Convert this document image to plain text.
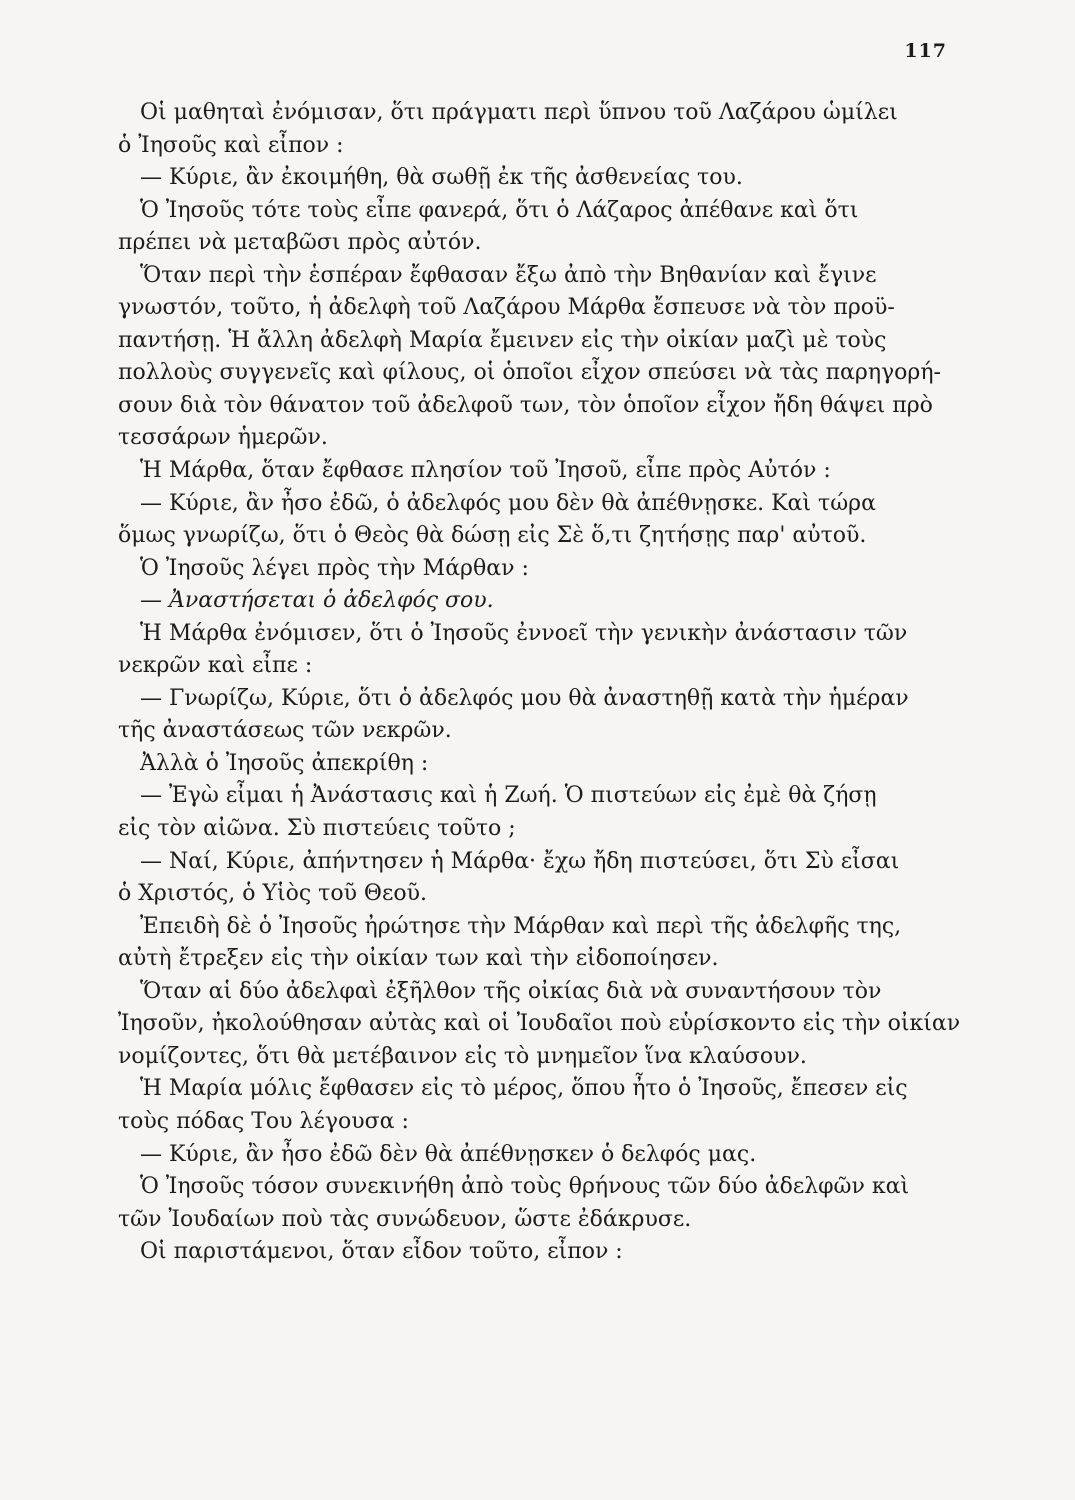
117
Οἱ μαθηταὶ ἐνόμισαν, ὅτι πράγματι περὶ ὕπνου τοῦ Λαζάρου ὡμίλει
ὁ Ἰησοῦς καὶ εἶπον :
— Κύριε, ἂν ἐκοιμήθη, θὰ σωθῇ ἐκ τῆς ἀσθενείας του.
Ὁ Ἰησοῦς τότε τοὺς εἶπε φανερά, ὅτι ὁ Λάζαρος ἀπέθανε καὶ ὅτι
πρέπει νὰ μεταβῶσι πρὸς αὐτόν.
Ὅταν περὶ τὴν ἑσπέραν ἔφθασαν ἔξω ἀπὸ τὴν Βηθανίαν καὶ ἔγινε
γνωστόν, τοῦτο, ἡ ἀδελφὴ τοῦ Λαζάρου Μάρθα ἔσπευσε νὰ τὸν προϋ-
παντήσῃ. Ἡ ἄλλη ἀδελφὴ Μαρία ἔμεινεν εἰς τὴν οἰκίαν μαζὶ μὲ τοὺς
πολλοὺς συγγενεῖς καὶ φίλους, οἱ ὁποῖοι εἶχον σπεύσει νὰ τὰς παρηγορή-
σουν διὰ τὸν θάνατον τοῦ ἀδελφοῦ των, τὸν ὁποῖον εἶχον ἤδη θάψει πρὸ
τεσσάρων ἡμερῶν.
Ἡ Μάρθα, ὅταν ἔφθασε πλησίον τοῦ Ἰησοῦ, εἶπε πρὸς Αὐτόν :
— Κύριε, ἂν ἦσο ἐδῶ, ὁ ἀδελφός μου δὲν θὰ ἀπέθνῃσκε. Καὶ τώρα
ὅμως γνωρίζω, ὅτι ὁ Θεὸς θὰ δώσῃ εἰς Σὲ ὅ,τι ζητήσῃς παρ' αὐτοῦ.
Ὁ Ἰησοῦς λέγει πρὸς τὴν Μάρθαν :
— Ἀναστήσεται ὁ ἀδελφός σου.
Ἡ Μάρθα ἐνόμισεν, ὅτι ὁ Ἰησοῦς ἐννοεῖ τὴν γενικὴν ἀνάστασιν τῶν
νεκρῶν καὶ εἶπε :
— Γνωρίζω, Κύριε, ὅτι ὁ ἀδελφός μου θὰ ἀναστηθῇ κατὰ τὴν ἡμέραν
τῆς ἀναστάσεως τῶν νεκρῶν.
Ἀλλὰ ὁ Ἰησοῦς ἀπεκρίθη :
— Ἐγὼ εἶμαι ἡ Ἀνάστασις καὶ ἡ Ζωή. Ὁ πιστεύων εἰς ἐμὲ θὰ ζήσῃ
εἰς τὸν αἰῶνα. Σὺ πιστεύεις τοῦτο ;
— Ναί, Κύριε, ἀπήντησεν ἡ Μάρθα· ἔχω ἤδη πιστεύσει, ὅτι Σὺ εἶσαι
ὁ Χριστός, ὁ Υἱὸς τοῦ Θεοῦ.
Ἐπειδὴ δὲ ὁ Ἰησοῦς ἠρώτησε τὴν Μάρθαν καὶ περὶ τῆς ἀδελφῆς της,
αὐτὴ ἔτρεξεν εἰς τὴν οἰκίαν των καὶ τὴν εἰδοποίησεν.
Ὅταν αἱ δύο ἀδελφαὶ ἐξῆλθον τῆς οἰκίας διὰ νὰ συναντήσουν τὸν
Ἰησοῦν, ἠκολούθησαν αὐτὰς καὶ οἱ Ἰουδαῖοι ποὺ εὑρίσκοντο εἰς τὴν οἰκίαν
νομίζοντες, ὅτι θὰ μετέβαινον εἰς τὸ μνημεῖον ἵνα κλαύσουν.
Ἡ Μαρία μόλις ἔφθασεν εἰς τὸ μέρος, ὅπου ἦτο ὁ Ἰησοῦς, ἔπεσεν εἰς
τοὺς πόδας Του λέγουσα :
— Κύριε, ἂν ἦσο ἐδῶ δὲν θὰ ἀπέθνῃσκεν ὁ δελφός μας.
Ὁ Ἰησοῦς τόσον συνεκινήθη ἀπὸ τοὺς θρήνους τῶν δύο ἀδελφῶν καὶ
τῶν Ἰουδαίων ποὺ τὰς συνώδευον, ὥστε ἐδάκρυσε.
Οἱ παριστάμενοι, ὅταν εἶδον τοῦτο, εἶπον :
